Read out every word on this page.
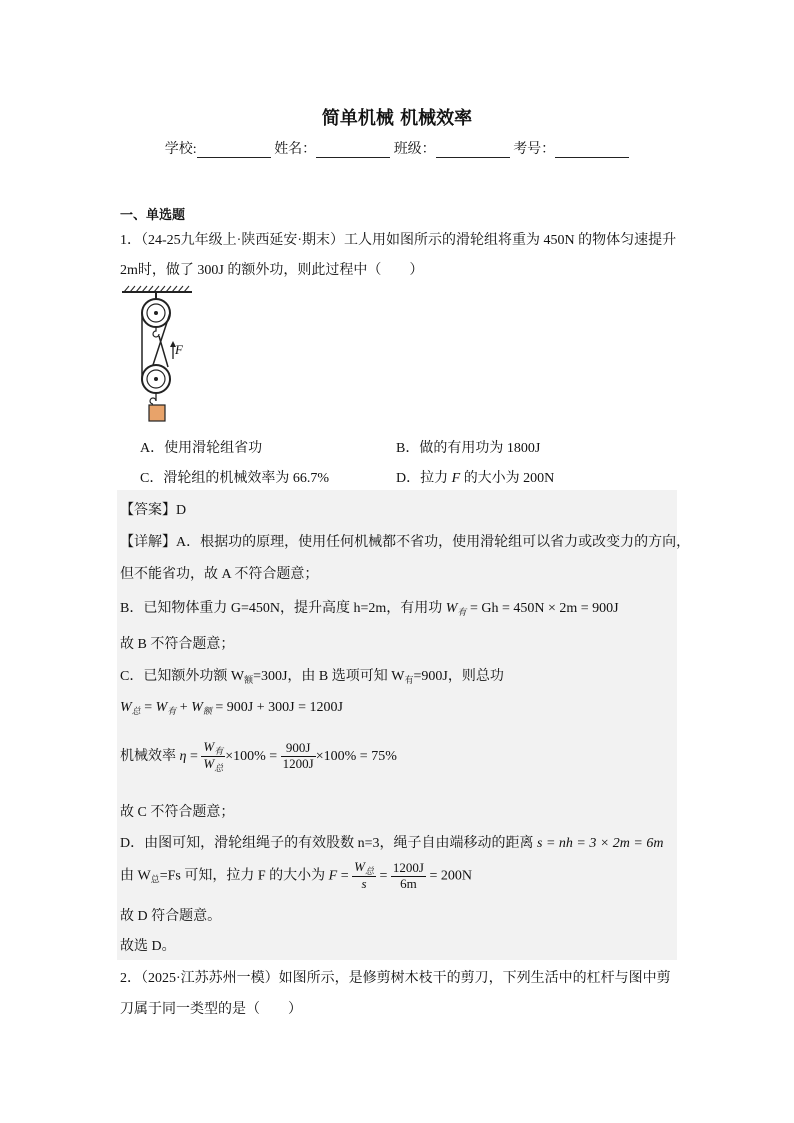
简单机械 机械效率
学校:	姓名：	班级：	考号：
一、单选题
1．（24-25九年级上·陕西延安·期末）工人用如图所示的滑轮组将重为 450N 的物体匀速提升
2m时，做了 300J 的额外功，则此过程中（　　）
F
A．使用滑轮组省功	B．做的有用功为 1800J
C．滑轮组的机械效率为 66.7%	D．拉力 F 的大小为 200N
【答案】D
【详解】A．根据功的原理，使用任何机械都不省功，使用滑轮组可以省力或改变力的方向，
但不能省功，故 A 不符合题意；
B．已知物体重力 G=450N，提升高度 h=2m，有用功 $W_有 = Gh = 450N \times 2m = 900J$
故 B 不符合题意；
C．已知额外功额 $W_额=300J$，由 B 选项可知 $W_有=900J$，则总功
$W_总 = W_有 + W_额 = 900J + 300J = 1200J$
机械效率 $\eta = \frac{W_有}{W_总} \times 100\% = \frac{900J}{1200J} \times 100\% = 75\%$
故 C 不符合题意；
D．由图可知，滑轮组绳子的有效股数 n=3，绳子自由端移动的距离 s = nh = 3 × 2m = 6m
由 $W_总=Fs$ 可知，拉力 F 的大小为 $F = \frac{W_总}{s} = \frac{1200J}{6m} = 200N$
故 D 符合题意。
故选 D。
2．（2025·江苏苏州一模）如图所示，是修剪树木枝干的剪刀，下列生活中的杠杆与图中剪
刀属于同一类型的是（　　）
